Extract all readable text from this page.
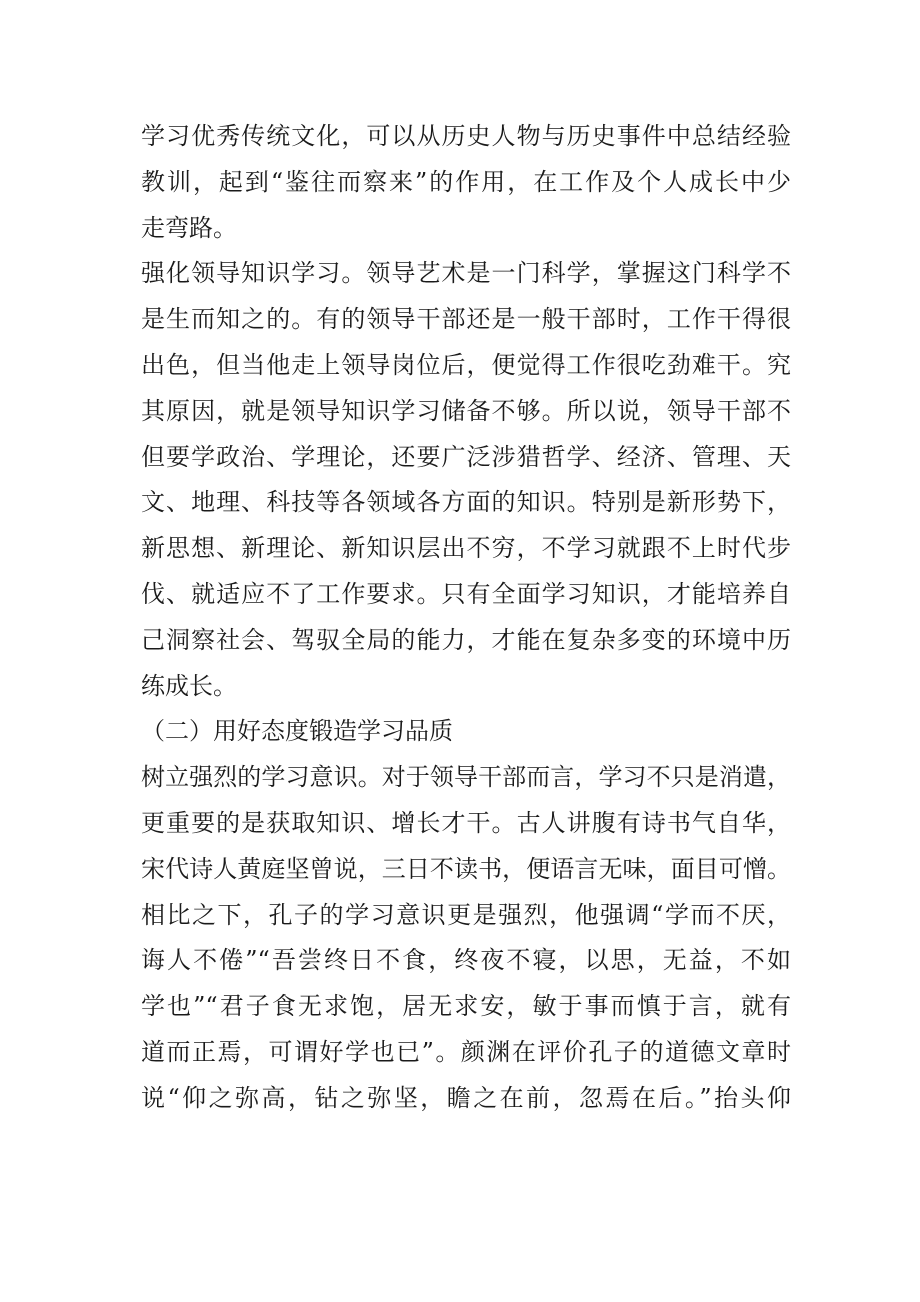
学习优秀传统文化，可以从历史人物与历史事件中总结经验
教训，起到“鉴往而察来”的作用，在工作及个人成长中少
走弯路。
强化领导知识学习。领导艺术是一门科学，掌握这门科学不
是生而知之的。有的领导干部还是一般干部时，工作干得很
出色，但当他走上领导岗位后，便觉得工作很吃劲难干。究
其原因，就是领导知识学习储备不够。所以说，领导干部不
但要学政治、学理论，还要广泛涉猎哲学、经济、管理、天
文、地理、科技等各领域各方面的知识。特别是新形势下，
新思想、新理论、新知识层出不穷，不学习就跟不上时代步
伐、就适应不了工作要求。只有全面学习知识，才能培养自
己洞察社会、驾驭全局的能力，才能在复杂多变的环境中历
练成长。
（二）用好态度锻造学习品质
树立强烈的学习意识。对于领导干部而言，学习不只是消遣，
更重要的是获取知识、增长才干。古人讲腹有诗书气自华，
宋代诗人黄庭坚曾说，三日不读书，便语言无味，面目可憎。
相比之下，孔子的学习意识更是强烈，他强调“学而不厌，
诲人不倦”“吾尝终日不食，终夜不寝，以思，无益，不如
学也”“君子食无求饱，居无求安，敏于事而慎于言，就有
道而正焉，可谓好学也已”。颜渊在评价孔子的道德文章时
说“仰之弥高，钻之弥坚，瞻之在前，忽焉在后。”抬头仰
